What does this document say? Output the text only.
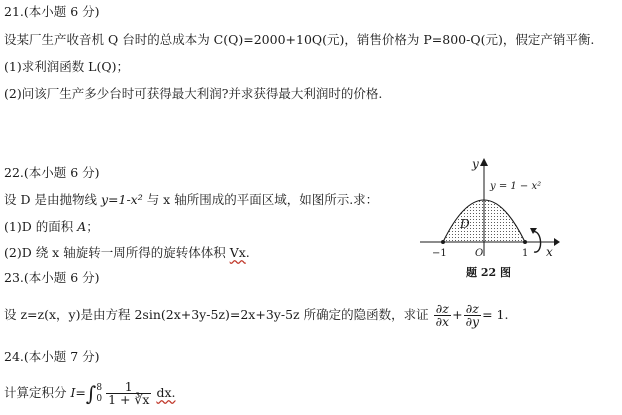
21.(本小题 6 分)
设某厂生产收音机 Q 台时的总成本为 C(Q)=2000+10Q(元)，销售价格为 P=800-Q(元)，假定产销平衡.
(1)求利润函数 L(Q)；
(2)问该厂生产多少台时可获得最大利润?并求获得最大利润时的价格.
22.(本小题 6 分)
设 D 是由抛物线 y=1-x² 与 x 轴所围成的平面区域，如图所示.求：
(1)D 的面积 A；
(2)D 绕 x 轴旋转一周所得的旋转体体积 Vx.
y
x
y = 1 − x²
D
−1	O	1
题 22 图
23.(本小题 6 分)
设 z=z(x，y)是由方程 2sin(2x+3y-5z)=2x+3y-5z 所确定的隐函数，求证 $\frac{\partial z}{\partial x} + \frac{\partial z}{\partial y} = 1$.
24.(本小题 7 分)
计算定积分 I=∫ 8
$0 \frac{1}{1 + ∛x}$ dx.
